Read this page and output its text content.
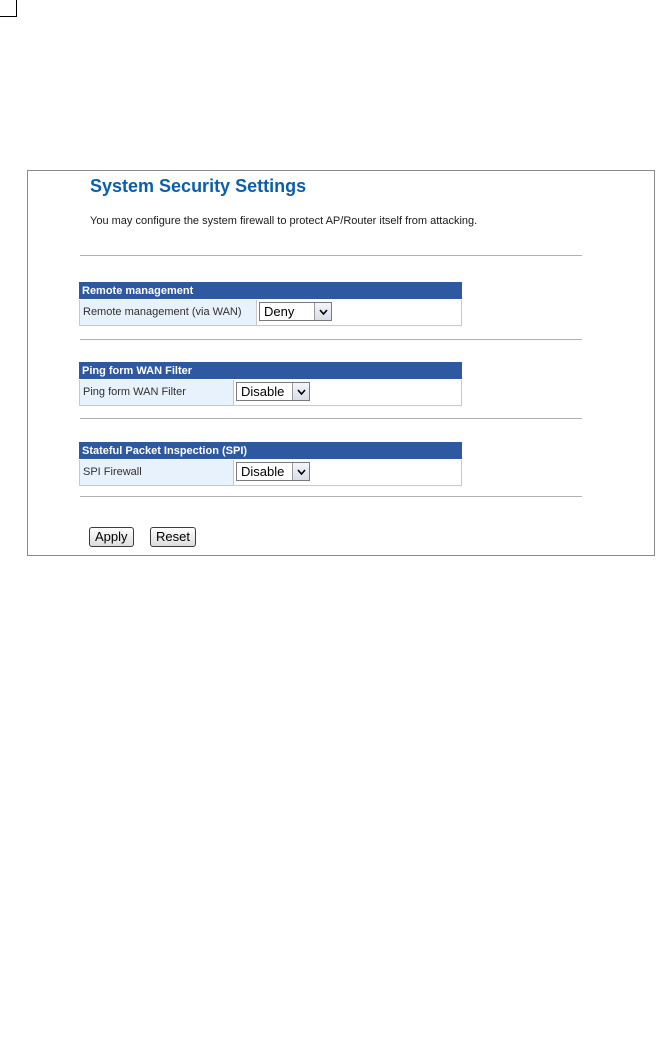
System Security Settings

You may configure the system firewall to protect AP/Router itself from attacking.

Remote management
Remote management (via WAN)	Deny
Ping form WAN Filter
Ping form WAN Filter	Disable
Stateful Packet Inspection (SPI)
SPI Firewall	Disable
Apply	Reset
